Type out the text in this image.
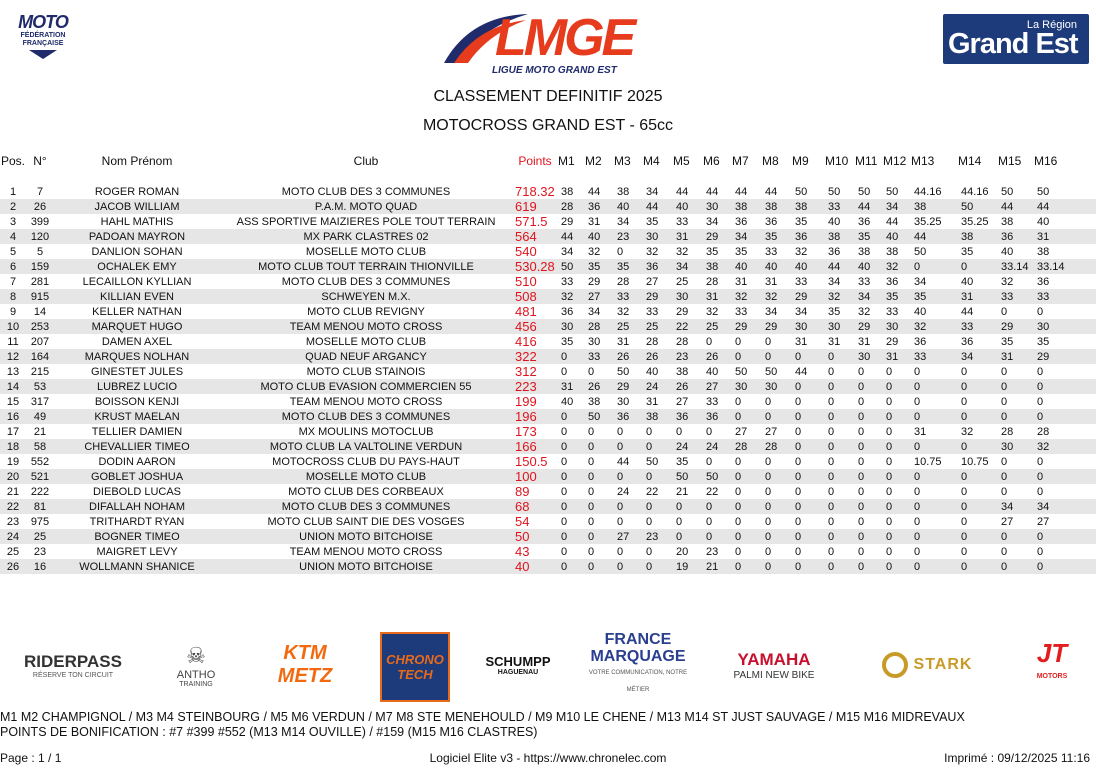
MOTO
FÉDÉRATION
FRANÇAISE	LMGE
LIGUE MOTO GRAND EST
La Région
Grand Est
CLASSEMENT DEFINITIF 2025
MOTOCROSS GRAND EST - 65cc
Pos.	N°	Nom Prénom	Club	Points	M1	M2	M3	M4	M5	M6	M7	M8	M9	M10	M11	M12	M13	M14	M15	M16

1	7	ROGER ROMAN	MOTO CLUB DES 3 COMMUNES	718.32	38	44	38	34	44	44	44	44	50	50	50	50	44.16	44.16	50	50
2	26	JACOB WILLIAM	P.A.M. MOTO QUAD	619	28	36	40	44	40	30	38	38	38	33	44	34	38	50	44	44
3	399	HAHL MATHIS	ASS SPORTIVE MAIZIERES POLE TOUT TERRAIN	571.5	29	31	34	35	33	34	36	36	35	40	36	44	35.25	35.25	38	40
4	120	PADOAN MAYRON	MX PARK CLASTRES 02	564	44	40	23	30	31	29	34	35	36	38	35	40	44	38	36	31
5	5	DANLION SOHAN	MOSELLE MOTO CLUB	540	34	32	0	32	32	35	35	33	32	36	38	38	50	35	40	38
6	159	OCHALEK EMY	MOTO CLUB TOUT TERRAIN THIONVILLE	530.28	50	35	35	36	34	38	40	40	40	44	40	32	0	0	33.14	33.14
7	281	LECAILLON KYLLIAN	MOTO CLUB DES 3 COMMUNES	510	33	29	28	27	25	28	31	31	33	34	33	36	34	40	32	36
8	915	KILLIAN EVEN	SCHWEYEN M.X.	508	32	27	33	29	30	31	32	32	29	32	34	35	35	31	33	33
9	14	KELLER NATHAN	MOTO CLUB REVIGNY	481	36	34	32	33	29	32	33	34	34	35	32	33	40	44	0	0
10	253	MARQUET HUGO	TEAM MENOU MOTO CROSS	456	30	28	25	25	22	25	29	29	30	30	29	30	32	33	29	30
11	207	DAMEN AXEL	MOSELLE MOTO CLUB	416	35	30	31	28	28	0	0	0	31	31	31	29	36	36	35	35
12	164	MARQUES NOLHAN	QUAD NEUF ARGANCY	322	0	33	26	26	23	26	0	0	0	0	30	31	33	34	31	29
13	215	GINESTET JULES	MOTO CLUB STAINOIS	312	0	0	50	40	38	40	50	50	44	0	0	0	0	0	0	0
14	53	LUBREZ LUCIO	MOTO CLUB EVASION COMMERCIEN 55	223	31	26	29	24	26	27	30	30	0	0	0	0	0	0	0	0
15	317	BOISSON KENJI	TEAM MENOU MOTO CROSS	199	40	38	30	31	27	33	0	0	0	0	0	0	0	0	0	0
16	49	KRUST MAELAN	MOTO CLUB DES 3 COMMUNES	196	0	50	36	38	36	36	0	0	0	0	0	0	0	0	0	0
17	21	TELLIER DAMIEN	MX MOULINS MOTOCLUB	173	0	0	0	0	0	0	27	27	0	0	0	0	31	32	28	28
18	58	CHEVALLIER TIMEO	MOTO CLUB LA VALTOLINE VERDUN	166	0	0	0	0	24	24	28	28	0	0	0	0	0	0	30	32
19	552	DODIN AARON	MOTOCROSS CLUB DU PAYS-HAUT	150.5	0	0	44	50	35	0	0	0	0	0	0	0	10.75	10.75	0	0
20	521	GOBLET JOSHUA	MOSELLE MOTO CLUB	100	0	0	0	0	50	50	0	0	0	0	0	0	0	0	0	0
21	222	DIEBOLD LUCAS	MOTO CLUB DES CORBEAUX	89	0	0	24	22	21	22	0	0	0	0	0	0	0	0	0	0
22	81	DIFALLAH NOHAM	MOTO CLUB DES 3 COMMUNES	68	0	0	0	0	0	0	0	0	0	0	0	0	0	0	34	34
23	975	TRITHARDT RYAN	MOTO CLUB SAINT DIE DES VOSGES	54	0	0	0	0	0	0	0	0	0	0	0	0	0	0	27	27
24	25	BOGNER TIMEO	UNION MOTO BITCHOISE	50	0	0	27	23	0	0	0	0	0	0	0	0	0	0	0	0
25	23	MAIGRET LEVY	TEAM MENOU MOTO CROSS	43	0	0	0	0	20	23	0	0	0	0	0	0	0	0	0	0
26	16	WOLLMANN SHANICE	UNION MOTO BITCHOISE	40	0	0	0	0	19	21	0	0	0	0	0	0	0	0	0	0
RIDERPASS
RÉSERVE TON CIRCUIT
☠
ANTHO
TRAINING
KTM METZ
CHRONO TECH
SCHUMPP
HAGUENAU
FRANCE MARQUAGE
VOTRE COMMUNICATION, NOTRE MÉTIER
YAMAHA
PALMI NEW BIKE
STARK JT
MOTORS
M1 M2 CHAMPIGNOL / M3 M4 STEINBOURG / M5 M6 VERDUN / M7 M8 STE MENEHOULD / M9 M10 LE CHENE / M13 M14 ST JUST SAUVAGE / M15 M16 MIDREVAUX
POINTS DE BONIFICATION : #7 #399 #552 (M13 M14 OUVILLE) / #159 (M15 M16 CLASTRES)
Logiciel Elite v3 - https://www.chronelec.com
Page : 1 / 1	Imprimé : 09/12/2025 11:16
